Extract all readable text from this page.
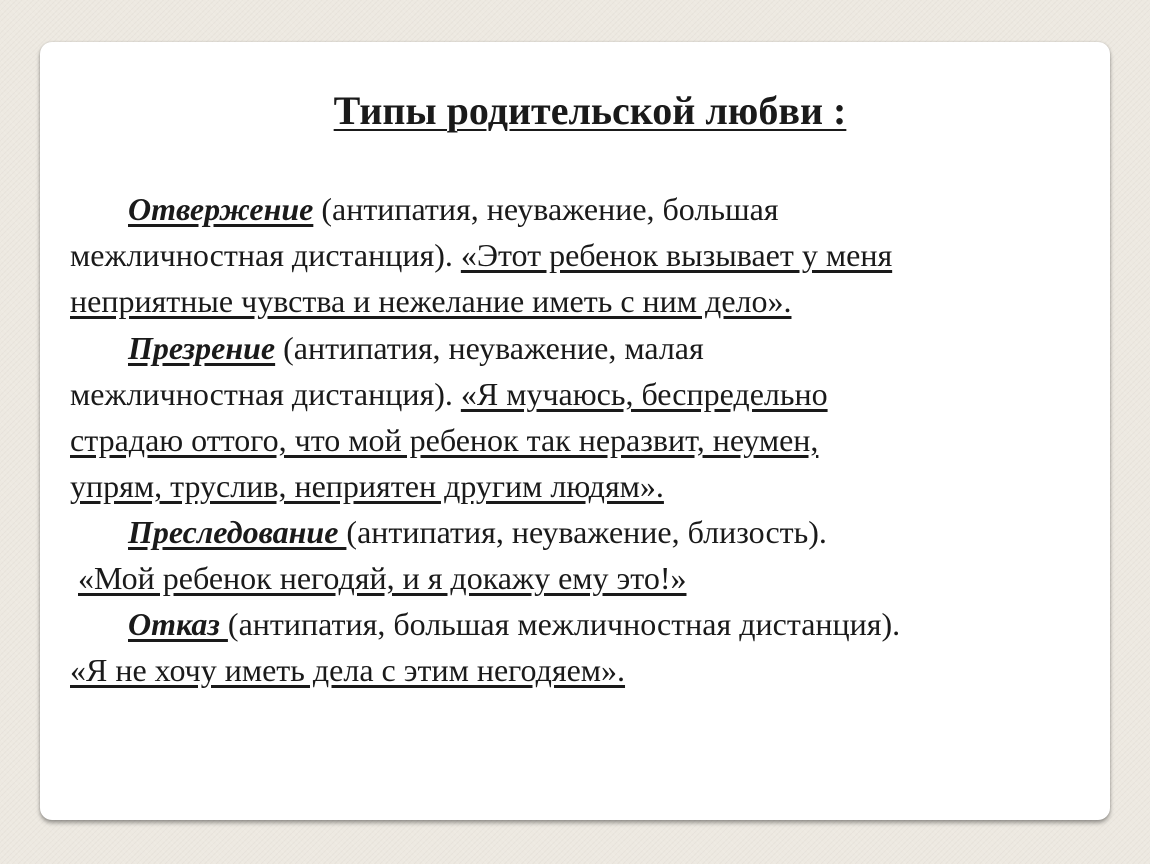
Типы родительской любви :
Отвержение (антипатия, неуважение, большая
межличностная дистанция). «Этот ребенок вызывает у меня
неприятные чувства и нежелание иметь с ним дело».
Презрение (антипатия, неуважение, малая
межличностная дистанция). «Я мучаюсь, беспредельно
страдаю оттого, что мой ребенок так неразвит, неумен,
упрям, труслив, неприятен другим людям».
Преследование (антипатия, неуважение, близость).
«Мой ребенок негодяй, и я докажу ему это!»
Отказ (антипатия, большая межличностная дистанция).
«Я не хочу иметь дела с этим негодяем».
